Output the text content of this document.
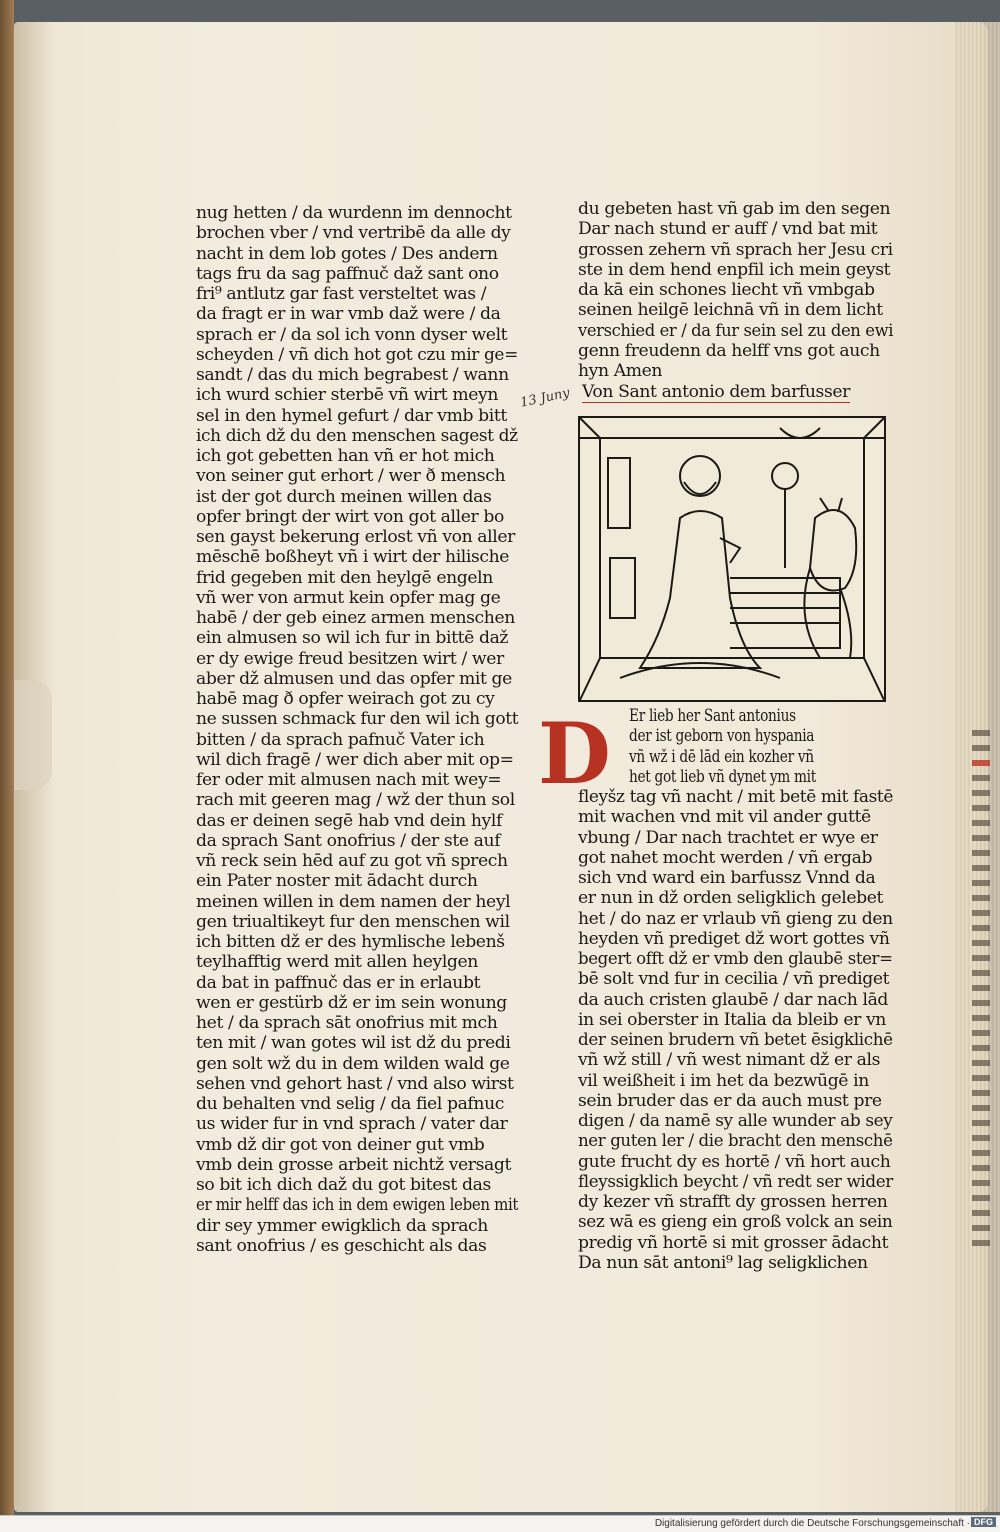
nug hetten / da wurdenn im dennocht
brochen vber / vnd vertribē da alle dy
nacht in dem lob gotes / Des andern
tags fru da sag paffnuč daž sant ono
fri⁹ antlutz gar fast versteltet was /
da fragt er in war vmb daž were / da
sprach er / da sol ich vonn dyser welt
scheyden / vñ dich hot got czu mir ge=
sandt / das du mich begrabest / wann
ich wurd schier sterbē vñ wirt meyn
sel in den hymel gefurt / dar vmb bitt
ich dich dž du den menschen sagest dž
ich got gebetten han vñ er hot mich
von seiner gut erhort / wer ð mensch
ist der got durch meinen willen das
opfer bringt der wirt von got aller bo
sen gayst bekerung erlost vñ von aller
mēschē boßheyt vñ i wirt der hilische
frid gegeben mit den heylgē engeln
vñ wer von armut kein opfer mag ge
habē / der geb einez armen menschen
ein almusen so wil ich fur in bittē daž
er dy ewige freud besitzen wirt / wer
aber dž almusen und das opfer mit ge
habē mag ð opfer weirach got zu cy
ne sussen schmack fur den wil ich gott
bitten / da sprach pafnuč Vater ich
wil dich fragē / wer dich aber mit op=
fer oder mit almusen nach mit wey=
rach mit geeren mag / wž der thun sol
das er deinen segē hab vnd dein hylf
da sprach Sant onofrius / der ste auf
vñ reck sein hēd auf zu got vñ sprech
ein Pater noster mit ādacht durch
meinen willen in dem namen der heyl
gen triualtikeyt fur den menschen wil
ich bitten dž er des hymlische lebenš
teylhafftig werd mit allen heylgen
da bat in paffnuč das er in erlaubt
wen er gestürb dž er im sein wonung
het / da sprach sāt onofrius mit mch
ten mit / wan gotes wil ist dž du predi
gen solt wž du in dem wilden wald ge
sehen vnd gehort hast / vnd also wirst
du behalten vnd selig / da fiel pafnuc
us wider fur in vnd sprach / vater dar
vmb dž dir got von deiner gut vmb
vmb dein grosse arbeit nichtž versagt
so bit ich dich daž du got bitest das
er mir helff das ich in dem ewigen leben mit
dir sey ymmer ewigklich da sprach
sant onofrius / es geschicht als das
du gebeten hast vñ gab im den segen
Dar nach stund er auff / vnd bat mit
grossen zehern vñ sprach her Jesu cri
ste in dem hend enpfil ich mein geyst
da kā ein schones liecht vñ vmbgab
seinen heilgē leichnā vñ in dem licht
verschied er / da fur sein sel zu den ewi
genn freudenn da helff vns got auch
hyn Amen
13 Juny Von Sant antonio dem barfusser
D	Er lieb her Sant antonius
der ist geborn von hyspania
vñ wž i dē lād ein kozher vñ
het got lieb vñ dynet ym mit
fleyšz tag vñ nacht / mit betē mit fastē
mit wachen vnd mit vil ander guttē
vbung / Dar nach trachtet er wye er
got nahet mocht werden / vñ ergab
sich vnd ward ein barfussz Vnnd da
er nun in dž orden seligklich gelebet
het / do naz er vrlaub vñ gieng zu den
heyden vñ prediget dž wort gottes vñ
begert offt dž er vmb den glaubē ster=
bē solt vnd fur in cecilia / vñ prediget
da auch cristen glaubē / dar nach lād
in sei oberster in Italia da bleib er vn
der seinen brudern vñ betet ēsigklichē
vñ wž still / vñ west nimant dž er als
vil weißheit i im het da bezwūgē in
sein bruder das er da auch must pre
digen / da namē sy alle wunder ab sey
ner guten ler / die bracht den menschē
gute frucht dy es hortē / vñ hort auch
fleyssigklich beycht / vñ redt ser wider
dy kezer vñ strafft dy grossen herren
sez wā es gieng ein groß volck an sein
predig vñ hortē si mit grosser ādacht
Da nun sāt antoni⁹ lag seligklichen
Digitalisierung gefördert durch die Deutsche Forschungsgemeinschaft · DFG
